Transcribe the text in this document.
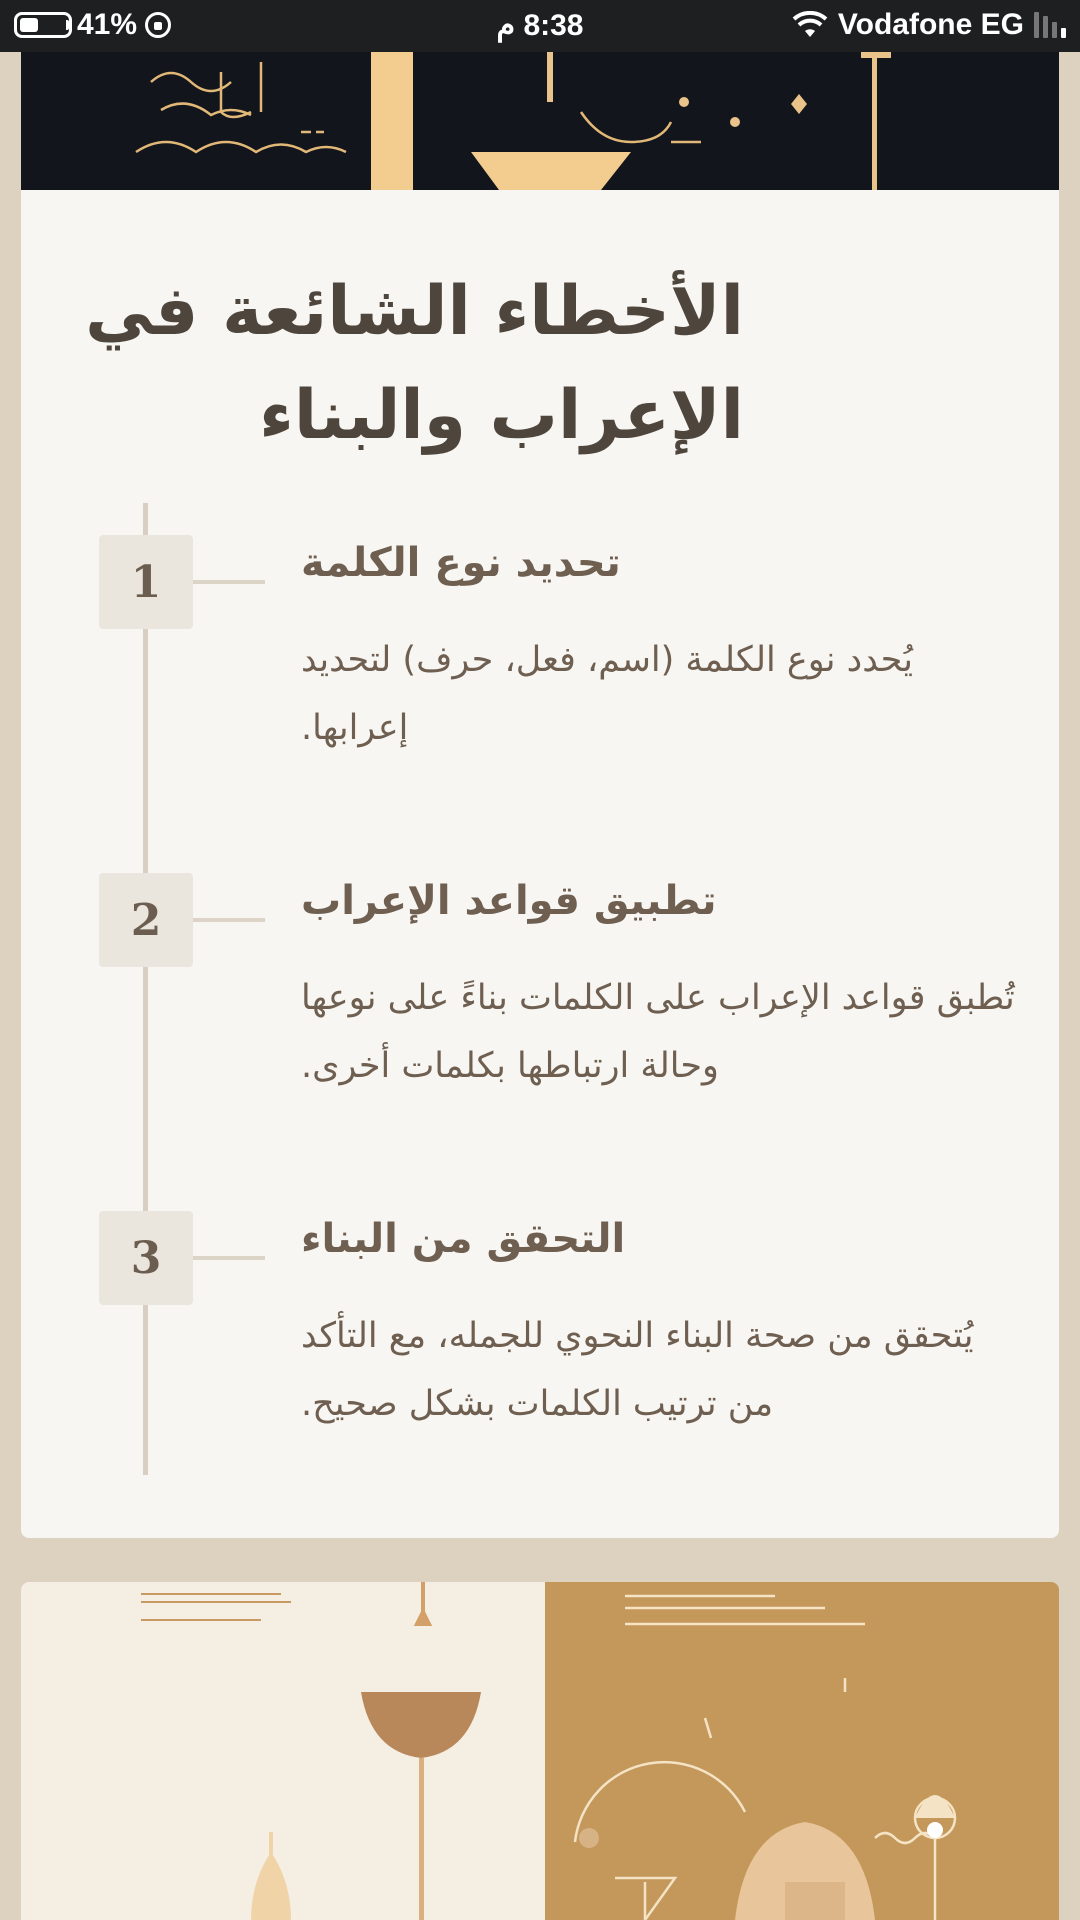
41%	8:38 م	Vodafone EG
الأخطاء الشائعة في الإعراب والبناء
1	تحديد نوع الكلمة

يُحدد نوع الكلمة (اسم، فعل، حرف) لتحديد إعرابها.

2	تطبيق قواعد الإعراب

تُطبق قواعد الإعراب على الكلمات بناءً على نوعها وحالة ارتباطها بكلمات أخرى.

3	التحقق من البناء

يُتحقق من صحة البناء النحوي للجمله، مع التأكد من ترتيب الكلمات بشكل صحيح.
